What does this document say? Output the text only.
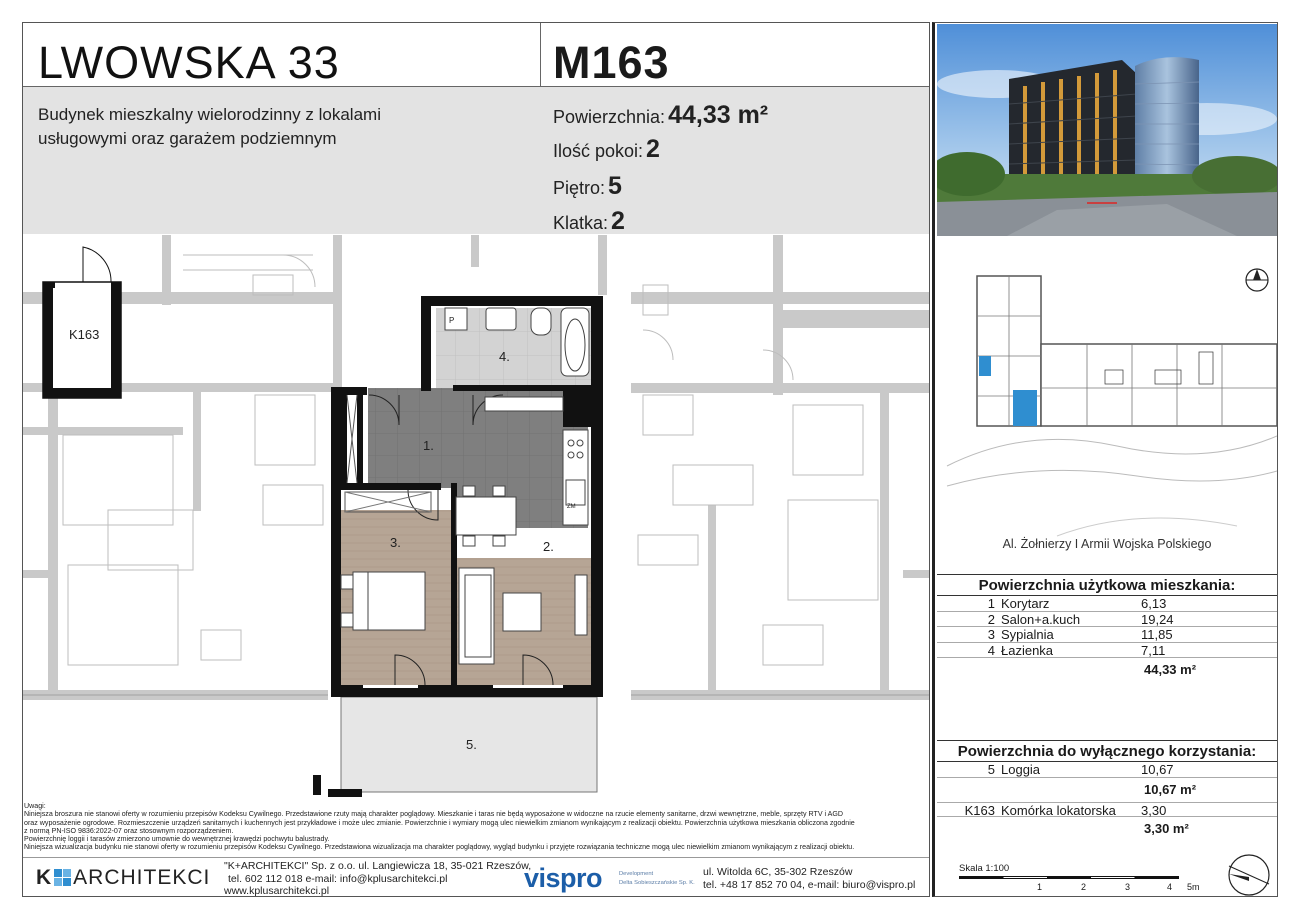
LWOWSKA 33	M163
Budynek mieszkalny wielorodzinny z lokalami usługowymi oraz garażem podziemnym
Powierzchnia: 44,33 m²
Ilość pokoi: 2
Piętro: 5
Klatka: 2
Al. Żołnierzy I Armii Wojska Polskiego
Powierzchnia użytkowa mieszkania:
1 Korytarz	6,13
2 Salon+a.kuch	19,24
3 Sypialnia	11,85
4 Łazienka	7,11
44,33 m²
Powierzchnia do wyłącznego korzystania:
5 Loggia	10,67
10,67 m²
K163 Komórka lokatorska	3,30
3,30 m²
Skala 1:100
1	2	3	4 5m
P
ZM
1.
2.
3.
4.
5.
K163
Uwagi:
Niniejsza broszura nie stanowi oferty w rozumieniu przepisów Kodeksu Cywilnego. Przedstawione rzuty mają charakter poglądowy. Mieszkanie i taras nie będą wyposażone w widoczne na rzucie elementy sanitarne, drzwi wewnętrzne, meble, sprzęty RTV i AGD
oraz wyposażenie ogrodowe. Rozmieszczenie urządzeń sanitarnych i kuchennych jest przykładowe i może ulec zmianie. Powierzchnie i wymiary mogą ulec niewielkim zmianom wynikającym z realizacji obiektu. Powierzchnia użytkowa mieszkania obliczona zgodnie
z normą PN-ISO 9836:2022-07 oraz stosownym rozporządzeniem.
Powierzchnię loggii i tarasów zmierzono umownie do wewnętrznej krawędzi pochwytu balustrady.
Niniejsza wizualizacja budynku nie stanowi oferty w rozumieniu przepisów Kodeksu Cywilnego. Przedstawiona wizualizacja ma charakter poglądowy, wygląd budynku i przyjęte rozwiązania techniczne mogą ulec niewielkim zmianom wynikającym z realizacji obiektu.
K ARCHITEKCI "K+ARCHITEKCI" Sp. z o.o. ul. Langiewicza 18, 35-021 Rzeszów,
tel. 602 112 018 e-mail: info@kplusarchitekci.pl
www.kplusarchitekci.pl	vispro	Development
Delta Sobieszczańskie Sp. K.
ul. Witolda 6C, 35-302 Rzeszów
tel. +48 17 852 70 04, e-mail: biuro@vispro.pl
